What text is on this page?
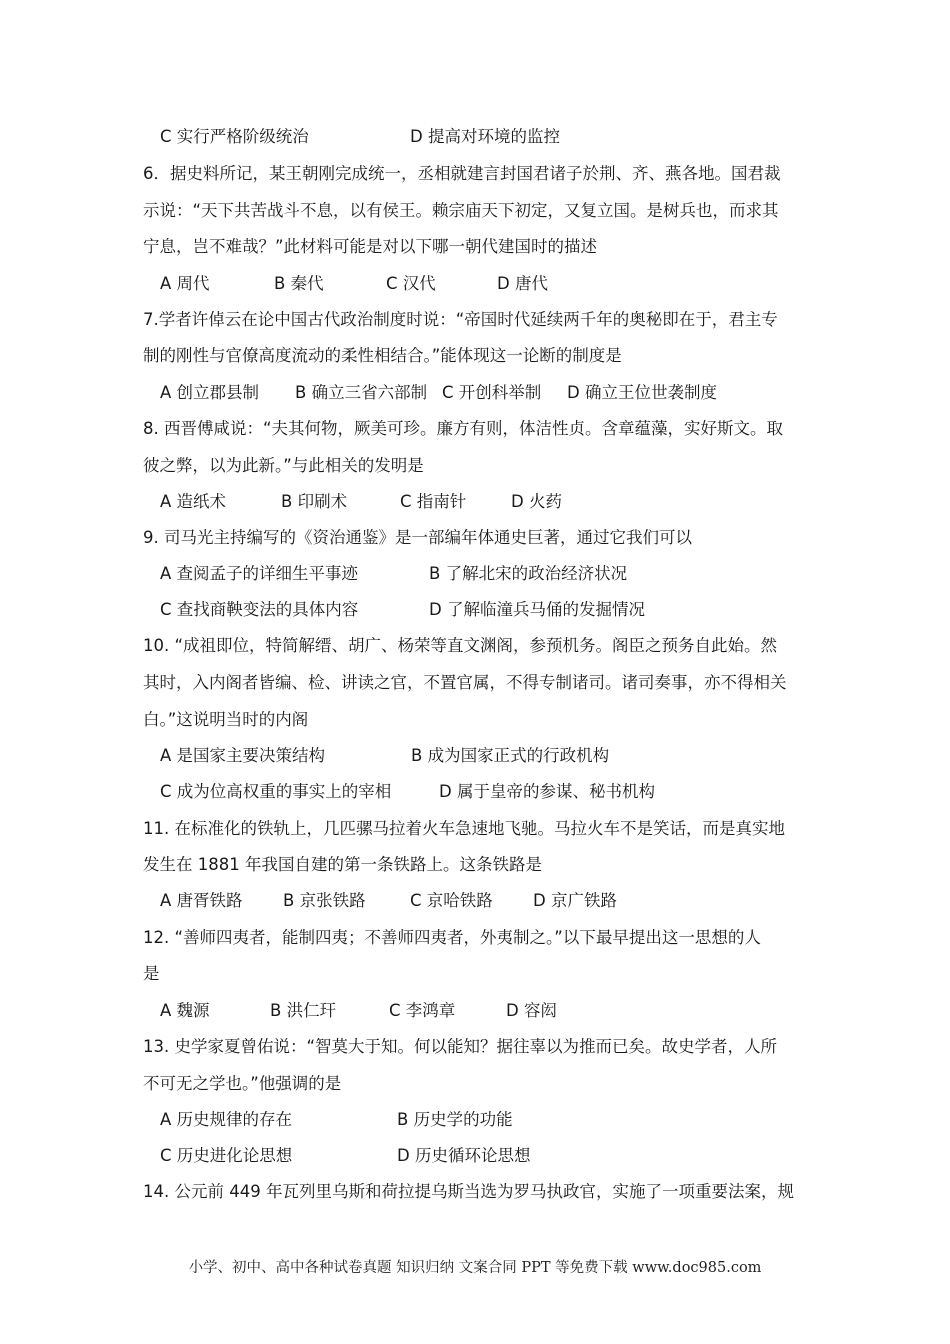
C 实行严格阶级统治	D 提高对环境的监控
6．据史料所记，某王朝刚完成统一，丞相就建言封国君诸子於荆、齐、燕各地。国君裁
示说：“天下共苦战斗不息，以有侯王。赖宗庙天下初定，又复立国。是树兵也，而求其
宁息，岂不难哉？”此材料可能是对以下哪一朝代建国时的描述
A 周代	B 秦代	C 汉代	D 唐代
7.学者许倬云在论中国古代政治制度时说：“帝国时代延续两千年的奥秘即在于，君主专
制的刚性与官僚高度流动的柔性相结合。”能体现这一论断的制度是
A 创立郡县制 B 确立三省六部制 C 开创科举制 D 确立王位世袭制度
8. 西晋傅咸说：“夫其何物，厥美可珍。廉方有则，体洁性贞。含章蕴藻，实好斯文。取
彼之弊，以为此新。”与此相关的发明是
A 造纸术	B 印刷术	C 指南针	D 火药
9. 司马光主持编写的《资治通鉴》是一部编年体通史巨著，通过它我们可以
A 查阅孟子的详细生平事迹	B 了解北宋的政治经济状况
C 查找商鞅变法的具体内容	D 了解临潼兵马俑的发掘情况
10. “成祖即位，特简解缙、胡广、杨荣等直文渊阁，参预机务。阁臣之预务自此始。然
其时，入内阁者皆编、检、讲读之官，不置官属，不得专制诸司。诸司奏事，亦不得相关
白。”这说明当时的内阁
A 是国家主要决策结构	B 成为国家正式的行政机构
C 成为位高权重的事实上的宰相	D 属于皇帝的参谋、秘书机构
11. 在标准化的铁轨上，几匹骡马拉着火车急速地飞驰。马拉火车不是笑话，而是真实地
发生在 1881 年我国自建的第一条铁路上。这条铁路是
A 唐胥铁路 B 京张铁路	C 京哈铁路 D 京广铁路
12. “善师四夷者，能制四夷；不善师四夷者，外夷制之。”以下最早提出这一思想的人
是
A 魏源	B 洪仁玕	C 李鸿章	D 容闳
13. 史学家夏曾佑说：“智莫大于知。何以能知？据往辜以为推而已矣。故史学者，人所
不可无之学也。”他强调的是
A 历史规律的存在	B 历史学的功能
C 历史进化论思想	D 历史循环论思想
14. 公元前 449 年瓦列里乌斯和荷拉提乌斯当选为罗马执政官，实施了一项重要法案，规
小学、初中、高中各种试卷真题 知识归纳 文案合同 PPT 等免费下载 www.doc985.com
